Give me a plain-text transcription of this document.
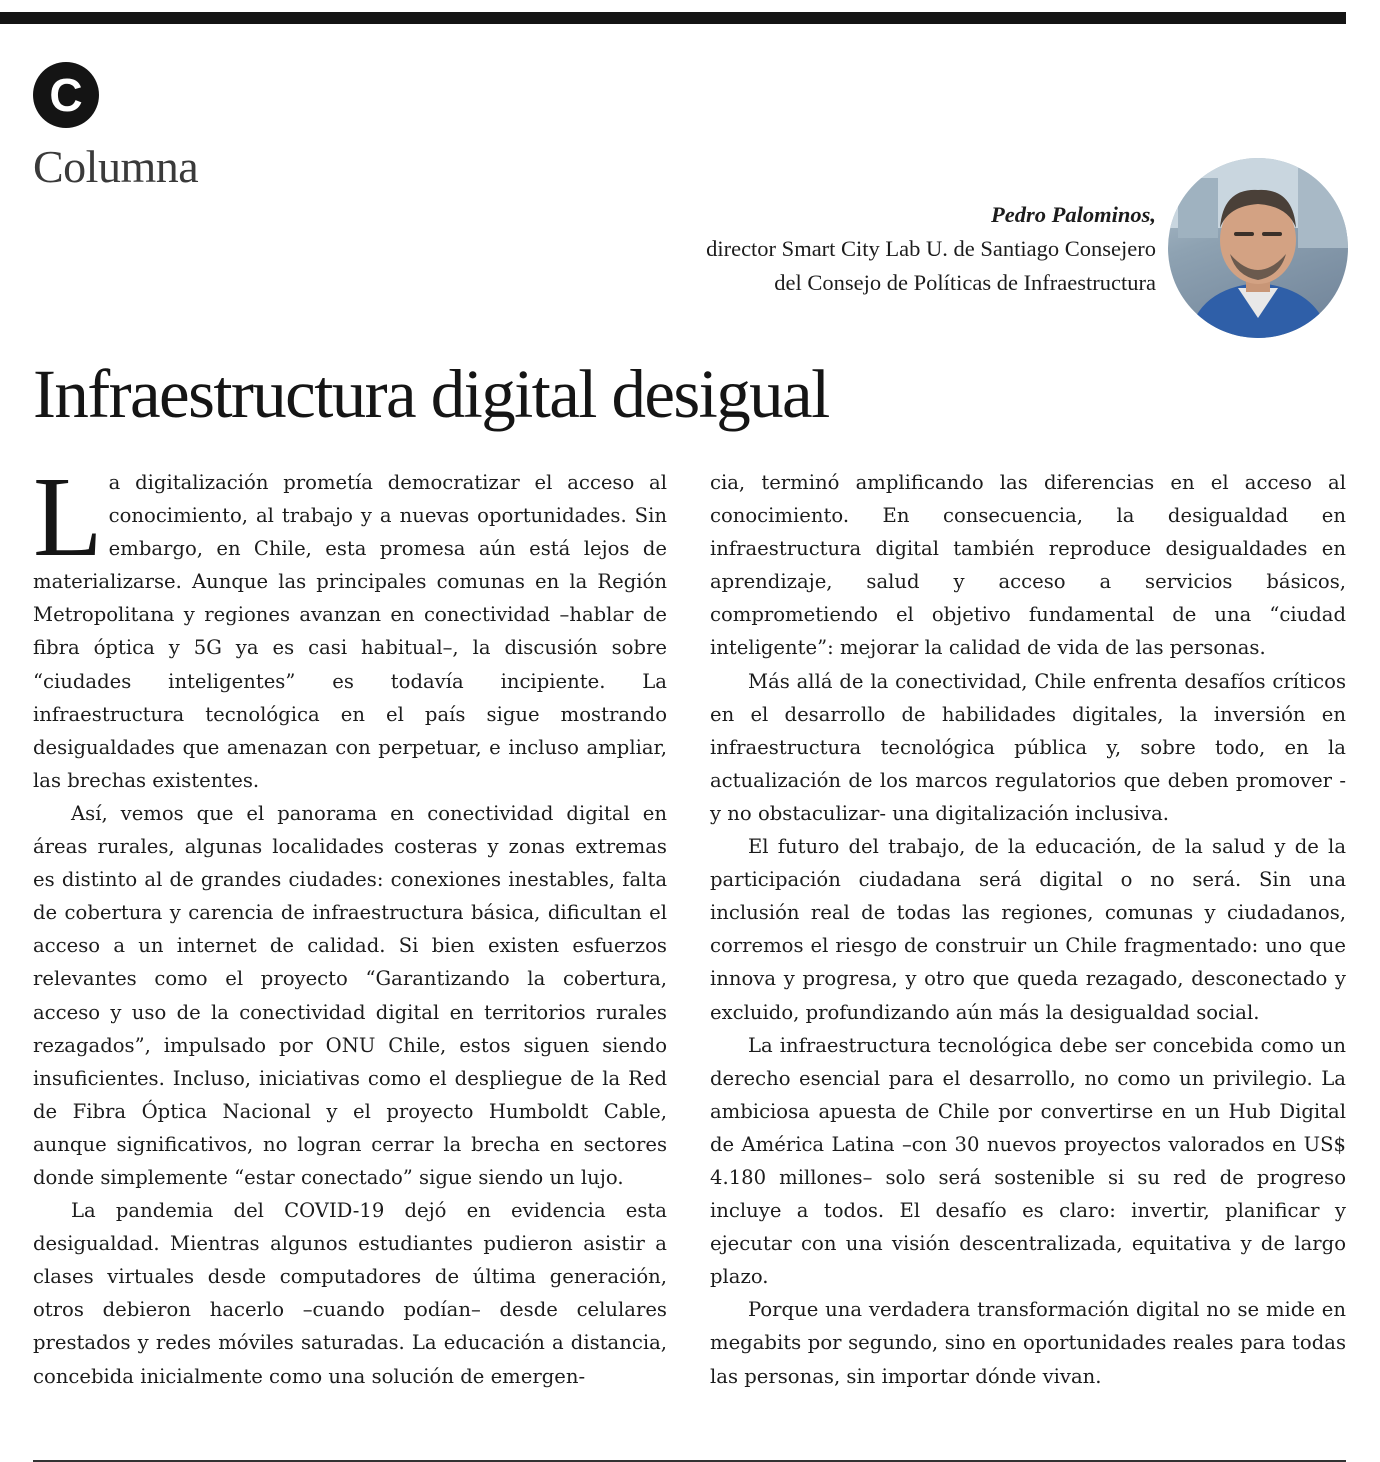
C
Columna
Pedro Palominos,
director Smart City Lab U. de Santiago Consejero
del Consejo de Políticas de Infraestructura
Infraestructura digital desigual

La digitalización prometía democratizar el acceso al conocimiento, al trabajo y a nuevas oportunidades. Sin embargo, en Chile, esta promesa aún está lejos de materializarse. Aunque las principales comunas en la Región Metropolitana y regiones avanzan en conectividad –hablar de fibra óptica y 5G ya es casi habitual–, la discusión sobre “ciudades inteligentes” es todavía incipiente. La infraestructura tecnológica en el país sigue mostrando desigualdades que amenazan con perpetuar, e incluso ampliar, las brechas existentes.

Así, vemos que el panorama en conectividad digital en áreas rurales, algunas localidades costeras y zonas extremas es distinto al de grandes ciudades: conexiones inestables, falta de cobertura y carencia de infraestructura básica, dificultan el acceso a un internet de calidad. Si bien existen esfuerzos relevantes como el proyecto “Garantizando la cobertura, acceso y uso de la conectividad digital en territorios rurales rezagados”, impulsado por ONU Chile, estos siguen siendo insuficientes. Incluso, iniciativas como el despliegue de la Red de Fibra Óptica Nacional y el proyecto Humboldt Cable, aunque significativos, no logran cerrar la brecha en sectores donde simplemente “estar conectado” sigue siendo un lujo.

La pandemia del COVID-19 dejó en evidencia esta desigualdad. Mientras algunos estudiantes pudieron asistir a clases virtuales desde computadores de última generación, otros debieron hacerlo –cuando podían– desde celulares prestados y redes móviles saturadas. La educación a distancia, concebida inicialmente como una solución de emergen-

cia, terminó amplificando las diferencias en el acceso al conocimiento. En consecuencia, la desigualdad en infraestructura digital también reproduce desigualdades en aprendizaje, salud y acceso a servicios básicos, comprometiendo el objetivo fundamental de una “ciudad inteligente”: mejorar la calidad de vida de las personas.

Más allá de la conectividad, Chile enfrenta desafíos críticos en el desarrollo de habilidades digitales, la inversión en infraestructura tecnológica pública y, sobre todo, en la actualización de los marcos regulatorios que deben promover -y no obstaculizar- una digitalización inclusiva.

El futuro del trabajo, de la educación, de la salud y de la participación ciudadana será digital o no será. Sin una inclusión real de todas las regiones, comunas y ciudadanos, corremos el riesgo de construir un Chile fragmentado: uno que innova y progresa, y otro que queda rezagado, desconectado y excluido, profundizando aún más la desigualdad social.

La infraestructura tecnológica debe ser concebida como un derecho esencial para el desarrollo, no como un privilegio. La ambiciosa apuesta de Chile por convertirse en un Hub Digital de América Latina –con 30 nuevos proyectos valorados en US$ 4.180 millones– solo será sostenible si su red de progreso incluye a todos. El desafío es claro: invertir, planificar y ejecutar con una visión descentralizada, equitativa y de largo plazo.

Porque una verdadera transformación digital no se mide en megabits por segundo, sino en oportunidades reales para todas las personas, sin importar dónde vivan.
